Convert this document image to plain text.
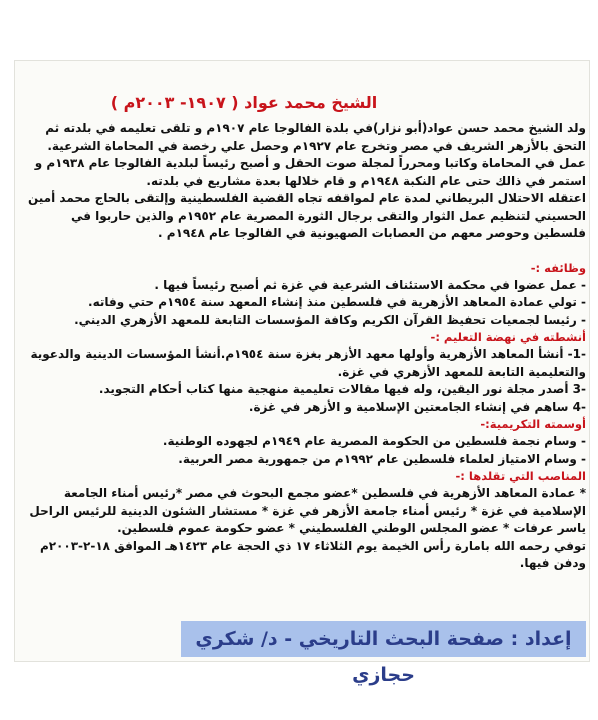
الشيخ محمد عواد ( ١٩٠٧- ٢٠٠٣م )

ولد الشيخ محمد حسن عواد(أبو نزار)في بلدة الفالوجا عام ١٩٠٧م و تلقى تعليمه في بلدته ثم التحق بالأزهر الشريف في مصر وتخرج عام ١٩٢٧م وحصل علي رخصة في المحاماة الشرعية.

عمل في المحاماة وكاتبا ومحرراً لمجلة صوت الحقل و أصبح رئيساً لبلدية الفالوجا عام ١٩٣٨م و استمر في ذالك حتى عام النكبة ١٩٤٨م و قام خلالها بعدة مشاريع في بلدته.

اعتقله الاحتلال البريطاني لمدة عام لمواقفه تجاه القضية الفلسطينية وإلتقى بالحاج محمد أمين الحسيني لتنظيم عمل الثوار والتقى برجال الثورة المصرية عام ١٩٥٢م والذين حاربوا في فلسطين وحوصر معهم من العصابات الصهيونية في الفالوجا عام ١٩٤٨م .

وظائفه :-

- عمل عضوا في محكمة الاستئناف الشرعية في غزة ثم أصبح رئيساً فيها .

- تولي عمادة المعاهد الأزهرية في فلسطين منذ إنشاء المعهد سنة ١٩٥٤م حتي وفاته.

- رئيسا لجمعيات تحفيظ القرآن الكريم وكافة المؤسسات التابعة للمعهد الأزهري الديني.

أنشطته في نهضة التعليم :-

-1- أنشأ المعاهد الأزهرية وأولها معهد الأزهر بغزة سنة ١٩٥٤م.أنشأ المؤسسات الدينية والدعوية والتعليمية التابعة للمعهد الأزهري في غزة.

-3 أصدر مجلة نور اليقين، وله فيها مقالات تعليمية منهجية منها كتاب أحكام التجويد.

-4 ساهم في إنشاء الجامعتين الإسلامية و الأزهر في غزة.

أوسمته التكريمية:-

- وسام نجمة فلسطين من الحكومة المصرية عام ١٩٤٩م لجهوده الوطنية.

- وسام الامتياز لعلماء فلسطين عام ١٩٩٢م من جمهورية مصر العربية.

المناصب التي تقلدها :-

* عمادة المعاهد الأزهرية في فلسطين *عضو مجمع البحوث في مصر *رئيس أمناء الجامعة الإسلامية في غزة * رئيس أمناء جامعة الأزهر في غزة * مستشار الشئون الدينية للرئيس الراحل ياسر عرفات * عضو المجلس الوطني الفلسطيني * عضو حكومة عموم فلسطين.

توفي رحمه الله بامارة رأس الخيمة يوم الثلاثاء ١٧ ذي الحجة عام ١٤٢٣هـ الموافق ١٨-٢-٢٠٠٣م ودفن فيها.

إعداد : صفحة البحث التاريخي - د/ شكري حجازي
